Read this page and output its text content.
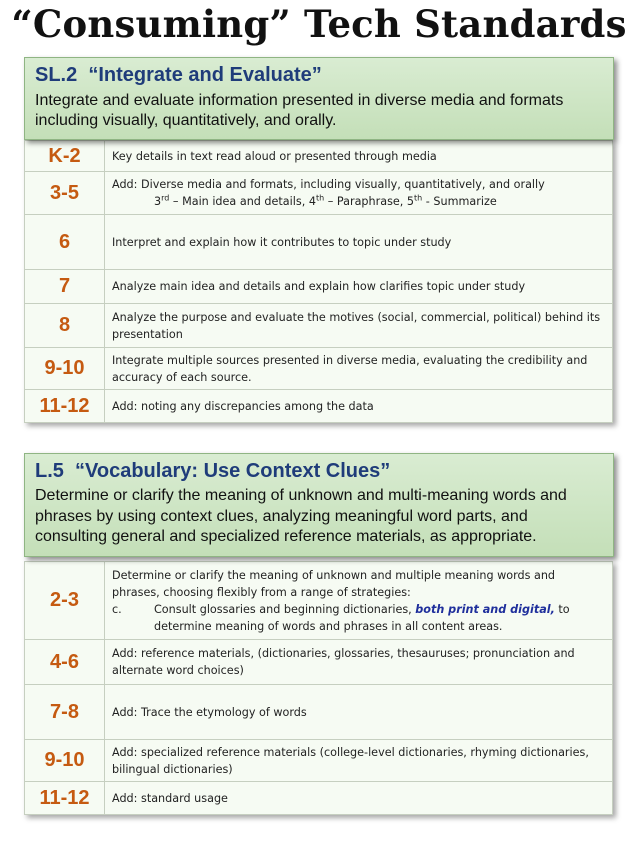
“Consuming” Tech Standards
SL.2  “Integrate and Evaluate”
Integrate and evaluate information presented in diverse media and formats including visually, quantitatively, and orally.
K-2	Key details in text read aloud or presented through media
3-5	Add: Diverse media and formats, including visually, quantitatively, and orally
3rd – Main idea and details, 4th – Paraphrase, 5th - Summarize

6	Interpret and explain how it contributes to topic under study
7	Analyze main idea and details and explain how clarifies topic under study
8	Analyze the purpose and evaluate the motives (social, commercial, political) behind its presentation
9-10	Integrate multiple sources presented in diverse media, evaluating the credibility and accuracy of each source.
11-12	Add: noting any discrepancies among the data
L.5  “Vocabulary: Use Context Clues”
Determine or clarify the meaning of unknown and multi-meaning words and phrases by using context clues, analyzing meaningful word parts, and consulting general and specialized reference materials, as appropriate.
2-3	Determine or clarify the meaning of unknown and multiple meaning words and phrases, choosing flexibly from a range of strategies:
c. Consult glossaries and beginning dictionaries, both print and digital, to determine meaning of words and phrases in all content areas.

4-6	Add: reference materials, (dictionaries, glossaries, thesauruses; pronunciation and alternate word choices)
7-8	Add: Trace the etymology of words
9-10	Add: specialized reference materials (college-level dictionaries, rhyming dictionaries, bilingual dictionaries)
11-12	Add: standard usage
